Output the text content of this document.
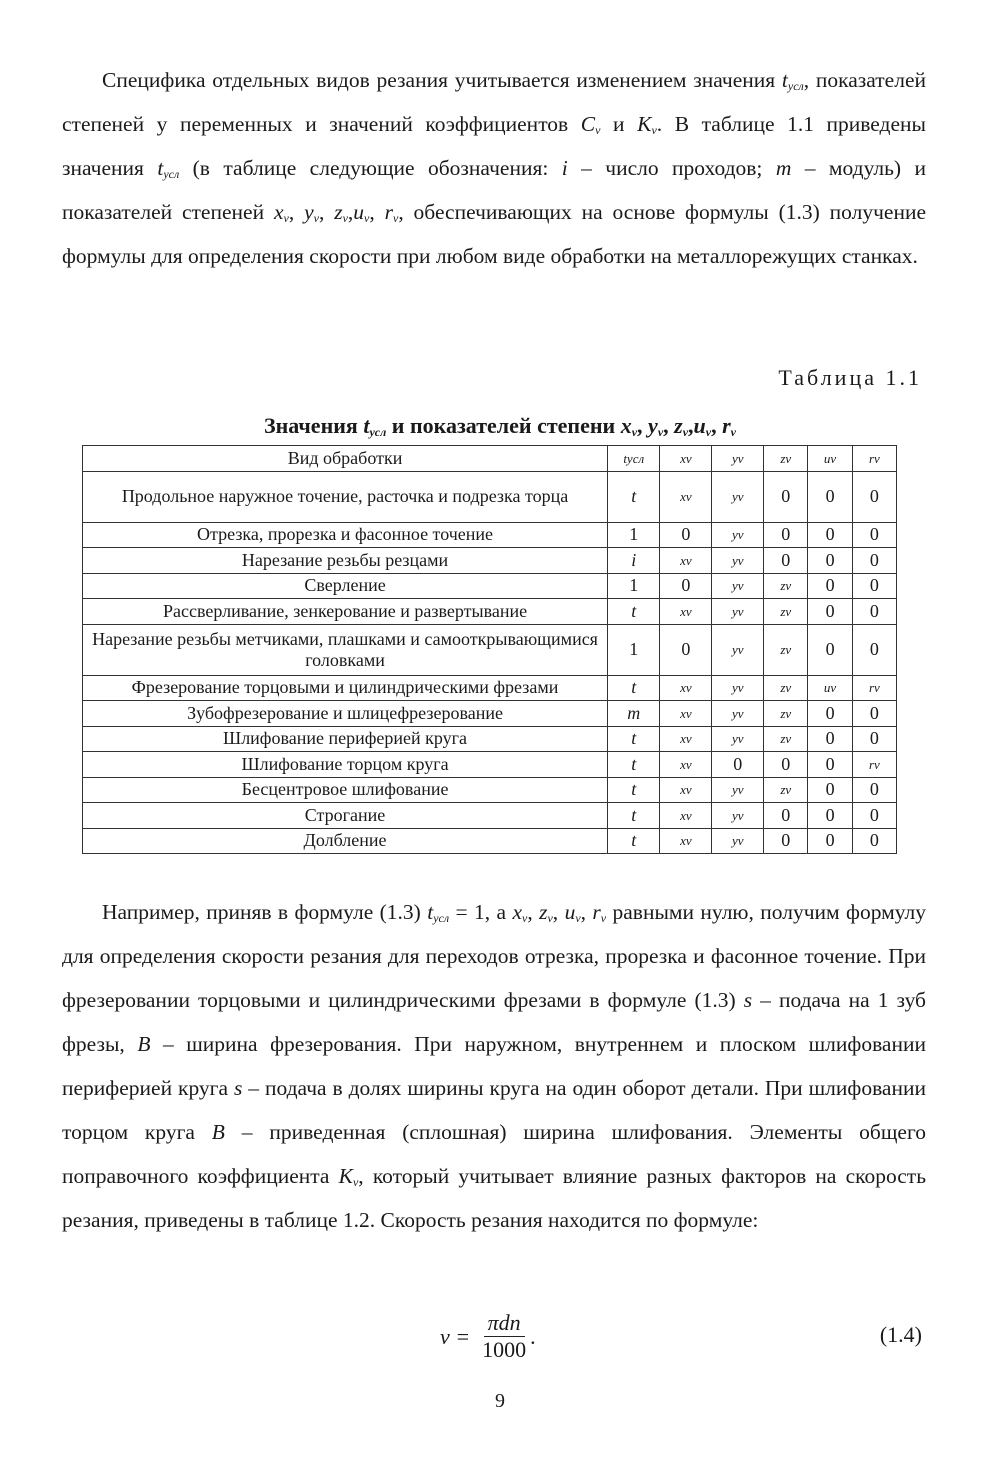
Специфика отдельных видов резания учитывается изменением значения $t_{усл}$, показателей степеней у переменных и значений коэффициентов $C_v$ и $K_v$. В таблице 1.1 приведены значения $t_{усл}$ (в таблице следующие обозначения: i – число проходов; m – модуль) и показателей степеней $x_v$, $y_v$, $z_v,u_v$, $r_v$, обеспечивающих на основе формулы (1.3) получение формулы для определения скорости при любом виде обработки на металлорежущих станках.

Таблица 1.1
Значения $t_{усл}$ и показателей степени $x_v$, $y_v$, $z_v,u_v$, $r_v$
Вид обработки	tусл	xv	yv	zv	uv	rv
Продольное наружное точение, расточка и подрезка торца	t	xv	yv	0	0	0
Отрезка, прорезка и фасонное точение	1	0	yv	0	0	0
Нарезание резьбы резцами	i	xv	yv	0	0	0
Сверление	1	0	yv	zv	0	0
Рассверливание, зенкерование и развертывание	t	xv	yv	zv	0	0
Нарезание резьбы метчиками, плашками и самооткрывающимися головками	1	0	yv	zv	0	0
Фрезерование торцовыми и цилиндрическими фрезами	t	xv	yv	zv	uv	rv
Зубофрезерование и шлицефрезерование	m	xv	yv	zv	0	0
Шлифование периферией круга	t	xv	yv	zv	0	0
Шлифование торцом круга	t	xv	0	0	0	rv
Бесцентровое шлифование	t	xv	yv	zv	0	0
Строгание	t	xv	yv	0	0	0
Долбление	t	xv	yv	0	0	0

Например, приняв в формуле (1.3) $t_{усл} = 1$, а $x_v$, $z_v$, $u_v$, $r_v$ равными нулю, получим формулу для определения скорости резания для переходов отрезка, прорезка и фасонное точение. При фрезеровании торцовыми и цилиндрическими фрезами в формуле (1.3) s – подача на 1 зуб фрезы, B – ширина фрезерования. При наружном, внутреннем и плоском шлифовании периферией круга s – подача в долях ширины круга на один оборот детали. При шлифовании торцом круга B – приведенная (сплошная) ширина шлифования. Элементы общего поправочного коэффициента $K_v$, который учитывает влияние разных факторов на скорость резания, приведены в таблице 1.2. Скорость резания находится по формуле:

$v = \frac{\text{πdn}}{1000}$ .	(1.4)
9
